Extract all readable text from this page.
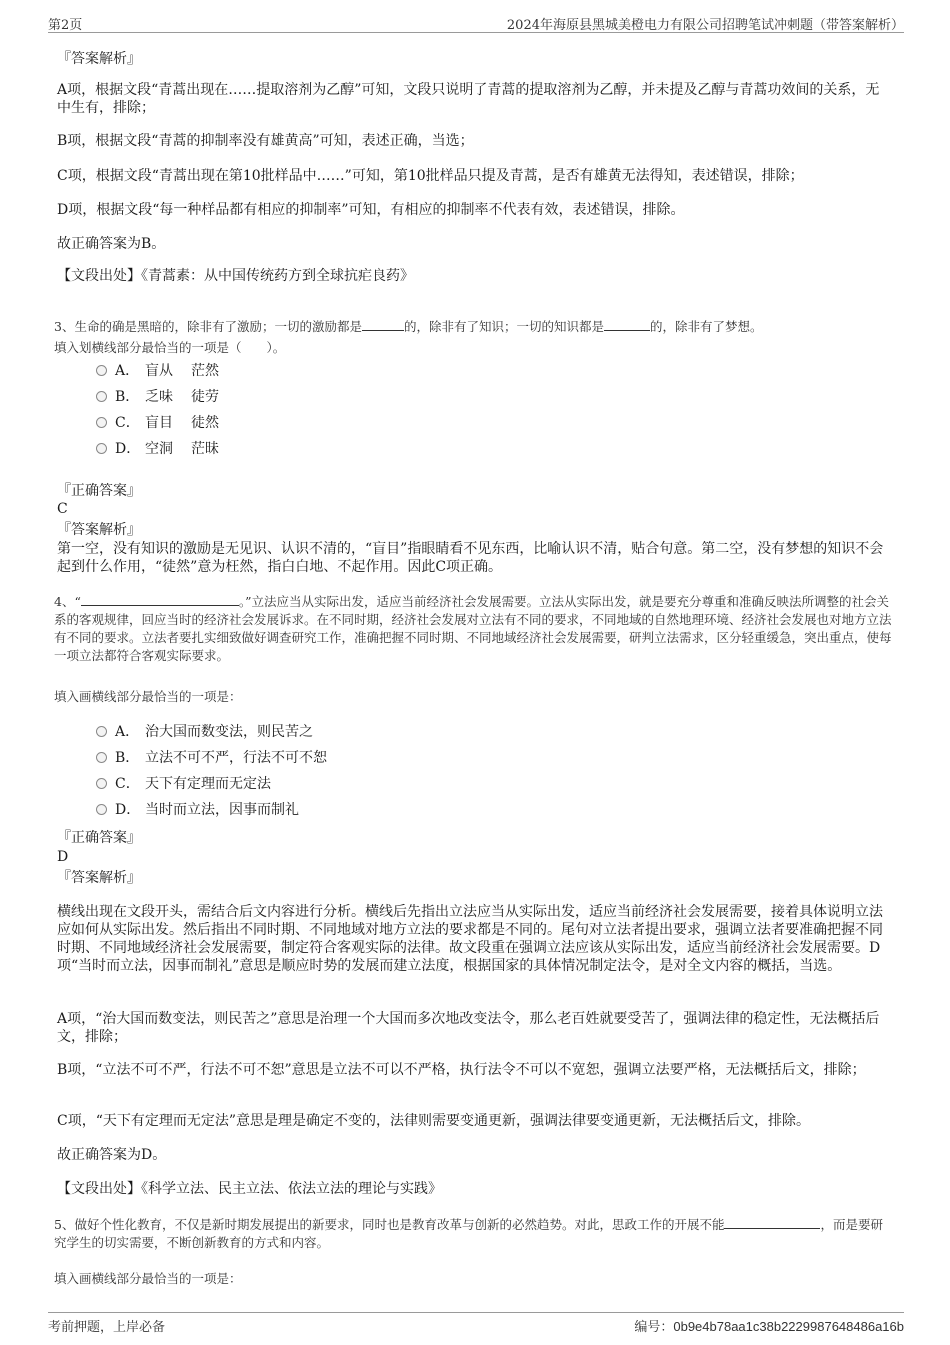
第2页	2024年海原县黑城美橙电力有限公司招聘笔试冲刺题（带答案解析）
『答案解析』
A项，根据文段“青蒿出现在……提取溶剂为乙醇”可知，文段只说明了青蒿的提取溶剂为乙醇，并未提及乙醇与青蒿功效间的关系，无中生有，排除；
B项，根据文段“青蒿的抑制率没有雄黄高”可知，表述正确，当选；
C项，根据文段“青蒿出现在第10批样品中……”可知，第10批样品只提及青蒿，是否有雄黄无法得知，表述错误，排除；
D项，根据文段“每一种样品都有相应的抑制率”可知，有相应的抑制率不代表有效，表述错误，排除。
故正确答案为B。
【文段出处】《青蒿素：从中国传统药方到全球抗疟良药》
3、生命的确是黑暗的，除非有了激励；一切的激励都是	的，除非有了知识；一切的知识都是	的，除非有了梦想。
填入划横线部分最恰当的一项是（　　）。
A． 盲从 茫然
B． 乏味 徒劳
C． 盲目 徒然
D． 空洞 茫昧
『正确答案』
C
『答案解析』
第一空，没有知识的激励是无见识、认识不清的，“盲目”指眼睛看不见东西，比喻认识不清，贴合句意。第二空，没有梦想的知识不会起到什么作用，“徒然”意为枉然，指白白地、不起作用。因此C项正确。
4、“	。”立法应当从实际出发，适应当前经济社会发展需要。立法从实际出发，就是要充分尊重和准确反映法所调整的社会关系的客观规律，回应当时的经济社会发展诉求。在不同时期，经济社会发展对立法有不同的要求，不同地域的自然地理环境、经济社会发展也对地方立法有不同的要求。立法者要扎实细致做好调查研究工作，准确把握不同时期、不同地域经济社会发展需要，研判立法需求，区分轻重缓急，突出重点，使每一项立法都符合客观实际要求。
填入画横线部分最恰当的一项是：
A． 治大国而数变法，则民苦之
B． 立法不可不严，行法不可不恕
C． 天下有定理而无定法
D． 当时而立法，因事而制礼
『正确答案』
D
『答案解析』
横线出现在文段开头，需结合后文内容进行分析。横线后先指出立法应当从实际出发，适应当前经济社会发展需要，接着具体说明立法应如何从实际出发。然后指出不同时期、不同地域对地方立法的要求都是不同的。尾句对立法者提出要求，强调立法者要准确把握不同时期、不同地域经济社会发展需要，制定符合客观实际的法律。故文段重在强调立法应该从实际出发，适应当前经济社会发展需要。D项“当时而立法，因事而制礼”意思是顺应时势的发展而建立法度，根据国家的具体情况制定法令，是对全文内容的概括，当选。
A项，“治大国而数变法，则民苦之”意思是治理一个大国而多次地改变法令，那么老百姓就要受苦了，强调法律的稳定性，无法概括后文，排除；
B项，“立法不可不严，行法不可不恕”意思是立法不可以不严格，执行法令不可以不宽恕，强调立法要严格，无法概括后文，排除；
C项，“天下有定理而无定法”意思是理是确定不变的，法律则需要变通更新，强调法律要变通更新，无法概括后文，排除。
故正确答案为D。
【文段出处】《科学立法、民主立法、依法立法的理论与实践》
5、做好个性化教育，不仅是新时期发展提出的新要求，同时也是教育改革与创新的必然趋势。对此，思政工作的开展不能	，而是要研究学生的切实需要，不断创新教育的方式和内容。
填入画横线部分最恰当的一项是：
考前押题，上岸必备	编号：0b9e4b78aa1c38b2229987648486a16b
